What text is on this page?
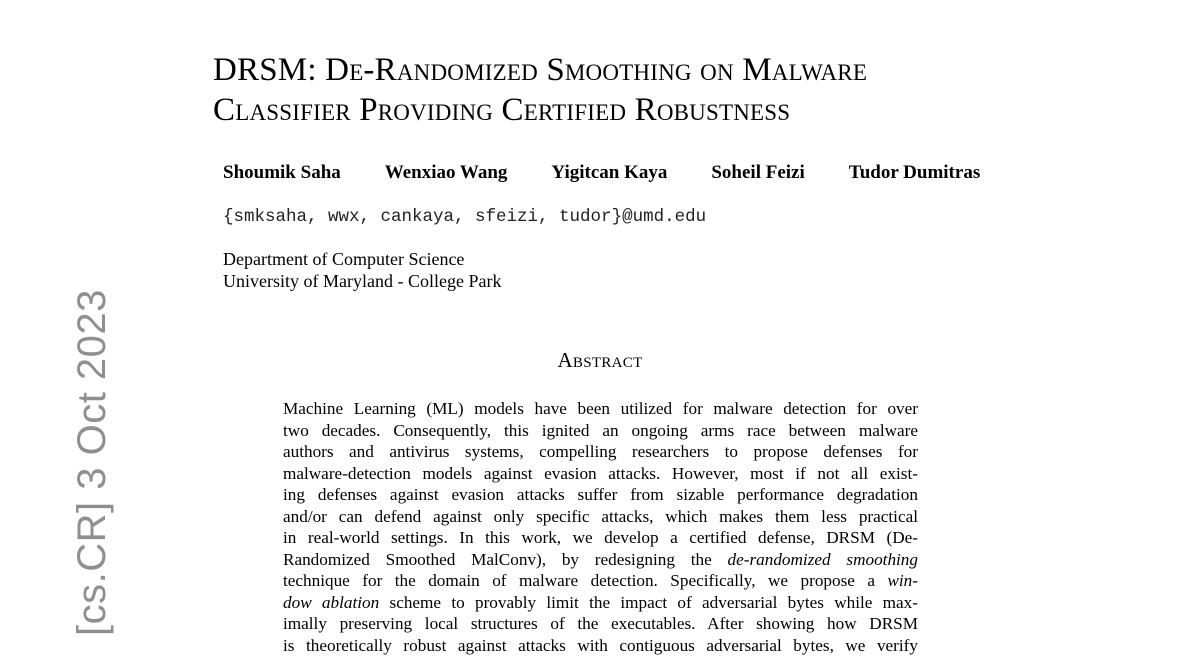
[cs.CR] 3 Oct 2023
DRSM: De-Randomized Smoothing on Malware
Classifier Providing Certified Robustness
Shoumik Saha Wenxiao Wang Yigitcan Kaya Soheil Feizi Tudor Dumitras
{smksaha, wwx, cankaya, sfeizi, tudor}@umd.edu
Department of Computer Science
University of Maryland - College Park
Abstract
Machine Learning (ML) models have been utilized for malware detection for over
two decades. Consequently, this ignited an ongoing arms race between malware
authors and antivirus systems, compelling researchers to propose defenses for
malware-detection models against evasion attacks. However, most if not all exist-
ing defenses against evasion attacks suffer from sizable performance degradation
and/or can defend against only specific attacks, which makes them less practical
in real-world settings. In this work, we develop a certified defense, DRSM (De-
Randomized Smoothed MalConv), by redesigning the de-randomized smoothing
technique for the domain of malware detection. Specifically, we propose a win-
dow ablation scheme to provably limit the impact of adversarial bytes while max-
imally preserving local structures of the executables. After showing how DRSM
is theoretically robust against attacks with contiguous adversarial bytes, we verify
